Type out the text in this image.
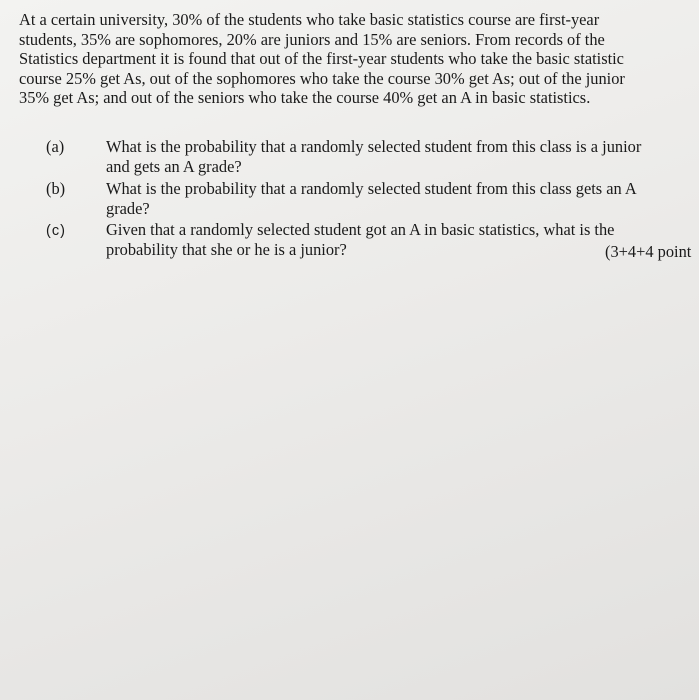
At a certain university, 30% of the students who take basic statistics course are first-year
students, 35% are sophomores, 20% are juniors and 15% are seniors. From records of the
Statistics department it is found that out of the first-year students who take the basic statistic
course 25% get As, out of the sophomores who take the course 30% get As; out of the junior
35% get As; and out of the seniors who take the course 40% get an A in basic statistics.
(a)	What is the probability that a randomly selected student from this class is a junior
and gets an A grade?
(b) What is the probability that a randomly selected student from this class gets an A
grade?
(c) Given that a randomly selected student got an A in basic statistics, what is the
probability that she or he is a junior?	(3+4+4 point
